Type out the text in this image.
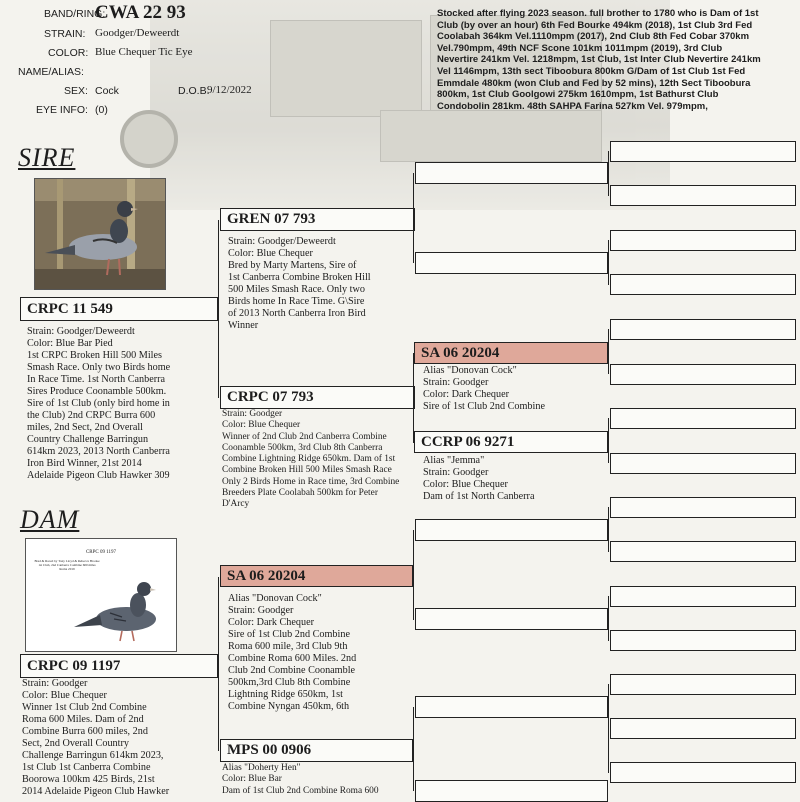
BAND/RING:
CWA 22 93
STRAIN: Goodger/Deweerdt
COLOR: Blue Chequer Tic Eye
NAME/ALIAS:
SEX: Cock	D.O.B.
9/12/2022
EYE INFO: (0)
Stocked after flying 2023 season. full brother to 1780 who is Dam of 1st
Club (by over an hour) 6th Fed Bourke 494km (2018), 1st Club 3rd Fed
Coolabah 364km Vel.1110mpm (2017), 2nd Club 8th Fed Cobar 370km
Vel.790mpm, 49th NCF Scone 101km 1011mpm (2019), 3rd Club
Nevertire 241km Vel. 1218mpm, 1st Club, 1st Inter Club Nevertire 241km
Vel 1146mpm, 13th sect Tiboobura 800km G/Dam of 1st Club 1st Fed
Emmdale 480km (won Club and Fed by 52 mins), 12th Sect Tiboobura
800km, 1st Club Goolgowi 275km 1610mpm, 1st Bathurst Club
Condobolin 281km. 48th SAHPA Farina 527km Vel. 979mpm,
SIRE
CRPC 11 549
Strain: Goodger/Deweerdt
Color: Blue Bar Pied
1st CRPC Broken Hill 500 Miles
Smash Race. Only two Birds home
In Race Time. 1st North Canberra
Sires Produce Coonamble 500km.
Sire of 1st Club (only bird home in
the Club) 2nd CRPC Burra 600
miles, 2nd Sect, 2nd Overall
Country Challenge Barringun
614km 2023, 2013 North Canberra
Iron Bird Winner, 21st 2014
Adelaide Pigeon Club Hawker 309
DAM
CRPC 09 1197
Bred & Raced by Tony Lloyd & Rebecca Brooke
1st Club, 2nd Canberra Combine 600 miles
Roma 2019
CRPC 09 1197
Strain: Goodger
Color: Blue Chequer
Winner 1st Club 2nd Combine
Roma 600 Miles. Dam of 2nd
Combine Burra 600 miles, 2nd
Sect, 2nd Overall Country
Challenge Barringun 614km 2023,
1st Club 1st Canberra Combine
Boorowa 100km 425 Birds, 21st
2014 Adelaide Pigeon Club Hawker
GREN 07 793
Strain: Goodger/Deweerdt
Color: Blue Chequer
Bred by Marty Martens, Sire of
1st Canberra Combine Broken Hill
500 Miles Smash Race. Only two
Birds home In Race Time. G\Sire
of 2013 North Canberra Iron Bird
Winner
CRPC 07 793
Strain: Goodger
Color: Blue Chequer
Winner of 2nd Club 2nd Canberra Combine
Coonamble 500km, 3rd Club 8th Canberra
Combine Lightning Ridge 650km. Dam of 1st
Combine Broken Hill 500 Miles Smash Race
Only 2 Birds Home in Race time, 3rd Combine
Breeders Plate Coolabah 500km for Peter
D'Arcy
SA 06 20204
Alias "Donovan Cock"
Strain: Goodger
Color: Dark Chequer
Sire of 1st Club 2nd Combine
Roma 600 mile, 3rd Club 9th
Combine Roma 600 Miles. 2nd
Club 2nd Combine Coonamble
500km,3rd Club 8th Combine
Lightning Ridge 650km, 1st
Combine Nyngan 450km, 6th
MPS 00 0906
Alias "Doherty Hen"
Color: Blue Bar
Dam of 1st Club 2nd Combine Roma 600
SA 06 20204
Alias "Donovan Cock"
Strain: Goodger
Color: Dark Chequer
Sire of 1st Club 2nd Combine
CCRP 06 9271
Alias "Jemma"
Strain: Goodger
Color: Blue Chequer
Dam of 1st North Canberra
